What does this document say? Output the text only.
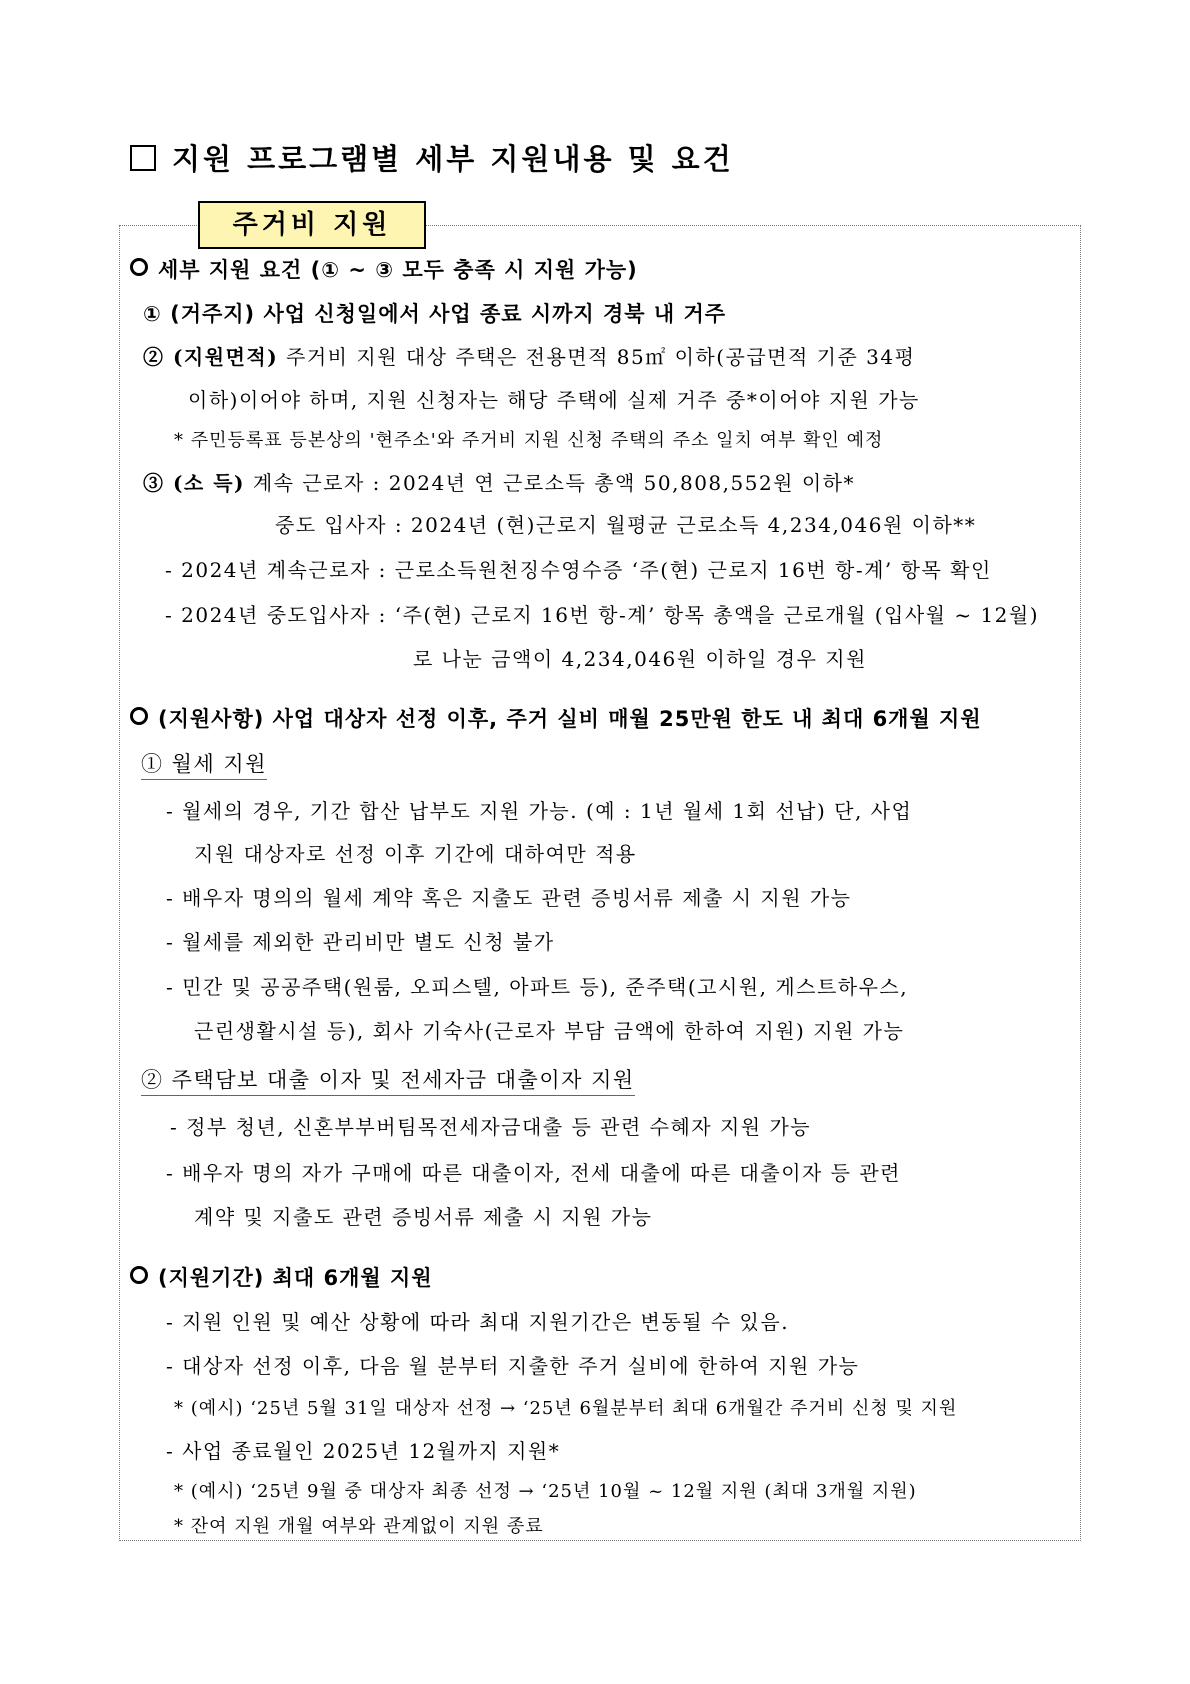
지원 프로그램별 세부 지원내용 및 요건
주거비 지원
세부 지원 요건 (① ~ ③ 모두 충족 시 지원 가능)
① (거주지) 사업 신청일에서 사업 종료 시까지 경북 내 거주
② (지원면적) 주거비 지원 대상 주택은 전용면적 85㎡ 이하(공급면적 기준 34평
이하)이어야 하며, 지원 신청자는 해당 주택에 실제 거주 중*이어야 지원 가능
* 주민등록표 등본상의 '현주소'와 주거비 지원 신청 주택의 주소 일치 여부 확인 예정
③ (소 득) 계속 근로자 : 2024년 연 근로소득 총액 50,808,552원 이하*
중도 입사자 : 2024년 (현)근로지 월평균 근로소득 4,234,046원 이하**
- 2024년 계속근로자 : 근로소득원천징수영수증 ‘주(현) 근로지 16번 항-계’ 항목 확인
- 2024년 중도입사자 : ‘주(현) 근로지 16번 항-계’ 항목 총액을 근로개월 (입사월 ~ 12월)
로 나눈 금액이 4,234,046원 이하일 경우 지원
(지원사항) 사업 대상자 선정 이후, 주거 실비 매월 25만원 한도 내 최대 6개월 지원
① 월세 지원
- 월세의 경우, 기간 합산 납부도 지원 가능. (예 : 1년 월세 1회 선납) 단, 사업
지원 대상자로 선정 이후 기간에 대하여만 적용
- 배우자 명의의 월세 계약 혹은 지출도 관련 증빙서류 제출 시 지원 가능
- 월세를 제외한 관리비만 별도 신청 불가
- 민간 및 공공주택(원룸, 오피스텔, 아파트 등), 준주택(고시원, 게스트하우스,
근린생활시설 등), 회사 기숙사(근로자 부담 금액에 한하여 지원) 지원 가능
② 주택담보 대출 이자 및 전세자금 대출이자 지원
- 정부 청년, 신혼부부버팀목전세자금대출 등 관련 수혜자 지원 가능
- 배우자 명의 자가 구매에 따른 대출이자, 전세 대출에 따른 대출이자 등 관련
계약 및 지출도 관련 증빙서류 제출 시 지원 가능
(지원기간) 최대 6개월 지원
- 지원 인원 및 예산 상황에 따라 최대 지원기간은 변동될 수 있음.
- 대상자 선정 이후, 다음 월 분부터 지출한 주거 실비에 한하여 지원 가능
* (예시) ‘25년 5월 31일 대상자 선정 → ‘25년 6월분부터 최대 6개월간 주거비 신청 및 지원
- 사업 종료월인 2025년 12월까지 지원*
* (예시) ‘25년 9월 중 대상자 최종 선정 → ‘25년 10월 ~ 12월 지원 (최대 3개월 지원)
* 잔여 지원 개월 여부와 관계없이 지원 종료
